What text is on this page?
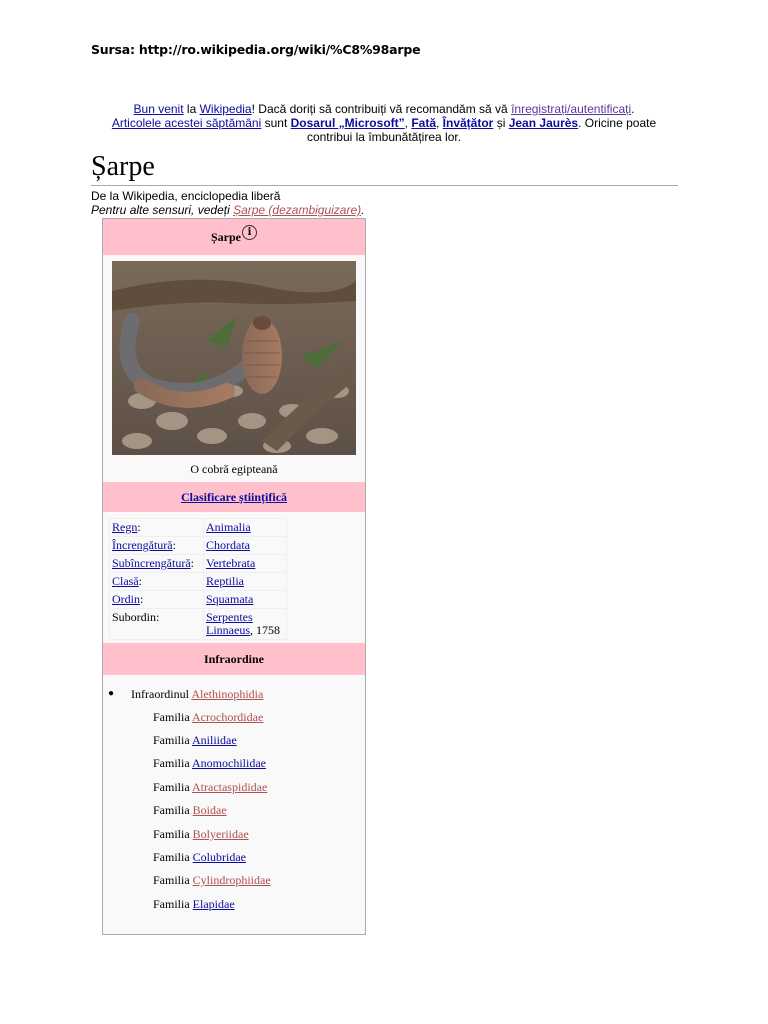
Sursa: http://ro.wikipedia.org/wiki/%C8%98arpe
Bun venit la Wikipedia! Dacă doriți să contribuiți vă recomandăm să vă înregistrați/autentificați.
Articolele acestei săptămâni sunt Dosarul „Microsoft”, Fată, Învățător și Jean Jaurès. Oricine poate contribui la îmbunătățirea lor.
Șarpe
De la Wikipedia, enciclopedia liberă
Pentru alte sensuri, vedeți Șarpe (dezambiguizare).
Șarpe i
O cobră egipteană
Clasificare științifică
Regn:	Animalia
Încrengătură:	Chordata
Subîncrengătură:	Vertebrata
Clasă:	Reptilia
Ordin:	Squamata
Subordin:	Serpentes
Linnaeus, 1758
Infraordine
● Infraordinul Alethinophidia
Familia Acrochordidae
Familia Aniliidae
Familia Anomochilidae
Familia Atractaspididae
Familia Boidae
Familia Bolyeriidae
Familia Colubridae
Familia Cylindrophiidae
Familia Elapidae
